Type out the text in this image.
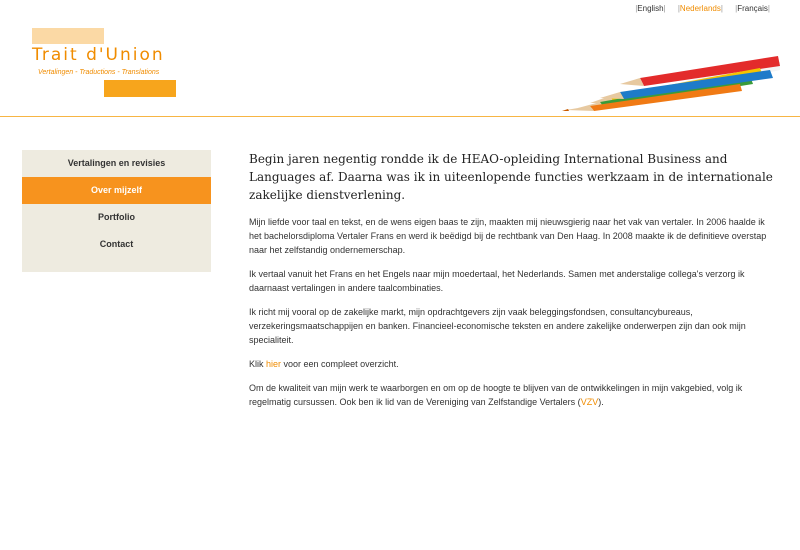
|English| |Nederlands| |Français|
Trait d'Union
Vertalingen - Traductions - Translations
Vertalingen en revisies
Over mijzelf
Portfolio
Contact

Begin jaren negentig rondde ik de HEAO-opleiding International Business and Languages af. Daarna was ik in uiteenlopende functies werkzaam in de internationale zakelijke dienstverlening.

Mijn liefde voor taal en tekst, en de wens eigen baas te zijn, maakten mij nieuwsgierig naar het vak van vertaler. In 2006 haalde ik het bachelorsdiploma Vertaler Frans en werd ik beëdigd bij de rechtbank van Den Haag. In 2008 maakte ik de definitieve overstap naar het zelfstandig ondernemerschap.

Ik vertaal vanuit het Frans en het Engels naar mijn moedertaal, het Nederlands. Samen met anderstalige collega's verzorg ik daarnaast vertalingen in andere taalcombinaties.

Ik richt mij vooral op de zakelijke markt, mijn opdrachtgevers zijn vaak beleggingsfondsen, consultancybureaus, verzekeringsmaatschappijen en banken. Financieel-economische teksten en andere zakelijke onderwerpen zijn dan ook mijn specialiteit.

Klik hier voor een compleet overzicht.

Om de kwaliteit van mijn werk te waarborgen en om op de hoogte te blijven van de ontwikkelingen in mijn vakgebied, volg ik regelmatig cursussen. Ook ben ik lid van de Vereniging van Zelfstandige Vertalers (VZV).
